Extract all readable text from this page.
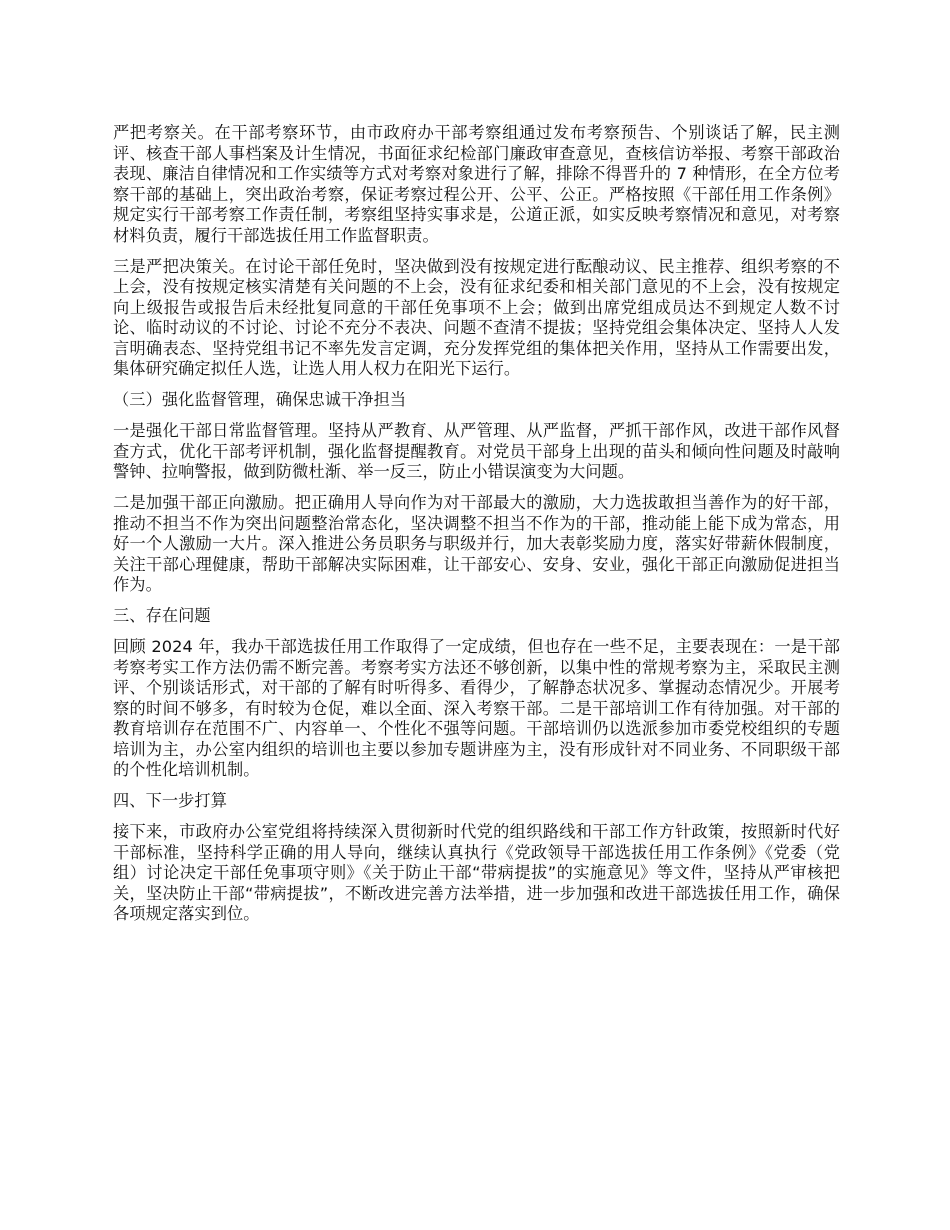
严把考察关。在干部考察环节，由市政府办干部考察组通过发布考察预告、个别谈话了解，民主测评、核查干部人事档案及计生情况，书面征求纪检部门廉政审查意见，查核信访举报、考察干部政治表现、廉洁自律情况和工作实绩等方式对考察对象进行了解，排除不得晋升的 7 种情形，在全方位考察干部的基础上，突出政治考察，保证考察过程公开、公平、公正。严格按照《干部任用工作条例》规定实行干部考察工作责任制，考察组坚持实事求是，公道正派，如实反映考察情况和意见，对考察材料负责，履行干部选拔任用工作监督职责。

三是严把决策关。在讨论干部任免时，坚决做到没有按规定进行酝酿动议、民主推荐、组织考察的不上会，没有按规定核实清楚有关问题的不上会，没有征求纪委和相关部门意见的不上会，没有按规定向上级报告或报告后未经批复同意的干部任免事项不上会；做到出席党组成员达不到规定人数不讨论、临时动议的不讨论、讨论不充分不表决、问题不查清不提拔；坚持党组会集体决定、坚持人人发言明确表态、坚持党组书记不率先发言定调，充分发挥党组的集体把关作用，坚持从工作需要出发，集体研究确定拟任人选，让选人用人权力在阳光下运行。

（三）强化监督管理，确保忠诚干净担当

一是强化干部日常监督管理。坚持从严教育、从严管理、从严监督，严抓干部作风，改进干部作风督查方式，优化干部考评机制，强化监督提醒教育。对党员干部身上出现的苗头和倾向性问题及时敲响警钟、拉响警报，做到防微杜渐、举一反三，防止小错误演变为大问题。

二是加强干部正向激励。把正确用人导向作为对干部最大的激励，大力选拔敢担当善作为的好干部，推动不担当不作为突出问题整治常态化，坚决调整不担当不作为的干部，推动能上能下成为常态，用好一个人激励一大片。深入推进公务员职务与职级并行，加大表彰奖励力度，落实好带薪休假制度，关注干部心理健康，帮助干部解决实际困难，让干部安心、安身、安业，强化干部正向激励促进担当作为。

三、存在问题

回顾 2024 年，我办干部选拔任用工作取得了一定成绩，但也存在一些不足，主要表现在：一是干部考察考实工作方法仍需不断完善。考察考实方法还不够创新，以集中性的常规考察为主，采取民主测评、个别谈话形式，对干部的了解有时听得多、看得少，了解静态状况多、掌握动态情况少。开展考察的时间不够多，有时较为仓促，难以全面、深入考察干部。二是干部培训工作有待加强。对干部的教育培训存在范围不广、内容单一、个性化不强等问题。干部培训仍以选派参加市委党校组织的专题培训为主，办公室内组织的培训也主要以参加专题讲座为主，没有形成针对不同业务、不同职级干部的个性化培训机制。

四、下一步打算

接下来，市政府办公室党组将持续深入贯彻新时代党的组织路线和干部工作方针政策，按照新时代好干部标准，坚持科学正确的用人导向，继续认真执行《党政领导干部选拔任用工作条例》《党委（党组）讨论决定干部任免事项守则》《关于防止干部“带病提拔”的实施意见》等文件，坚持从严审核把关，坚决防止干部“带病提拔”，不断改进完善方法举措，进一步加强和改进干部选拔任用工作，确保各项规定落实到位。
